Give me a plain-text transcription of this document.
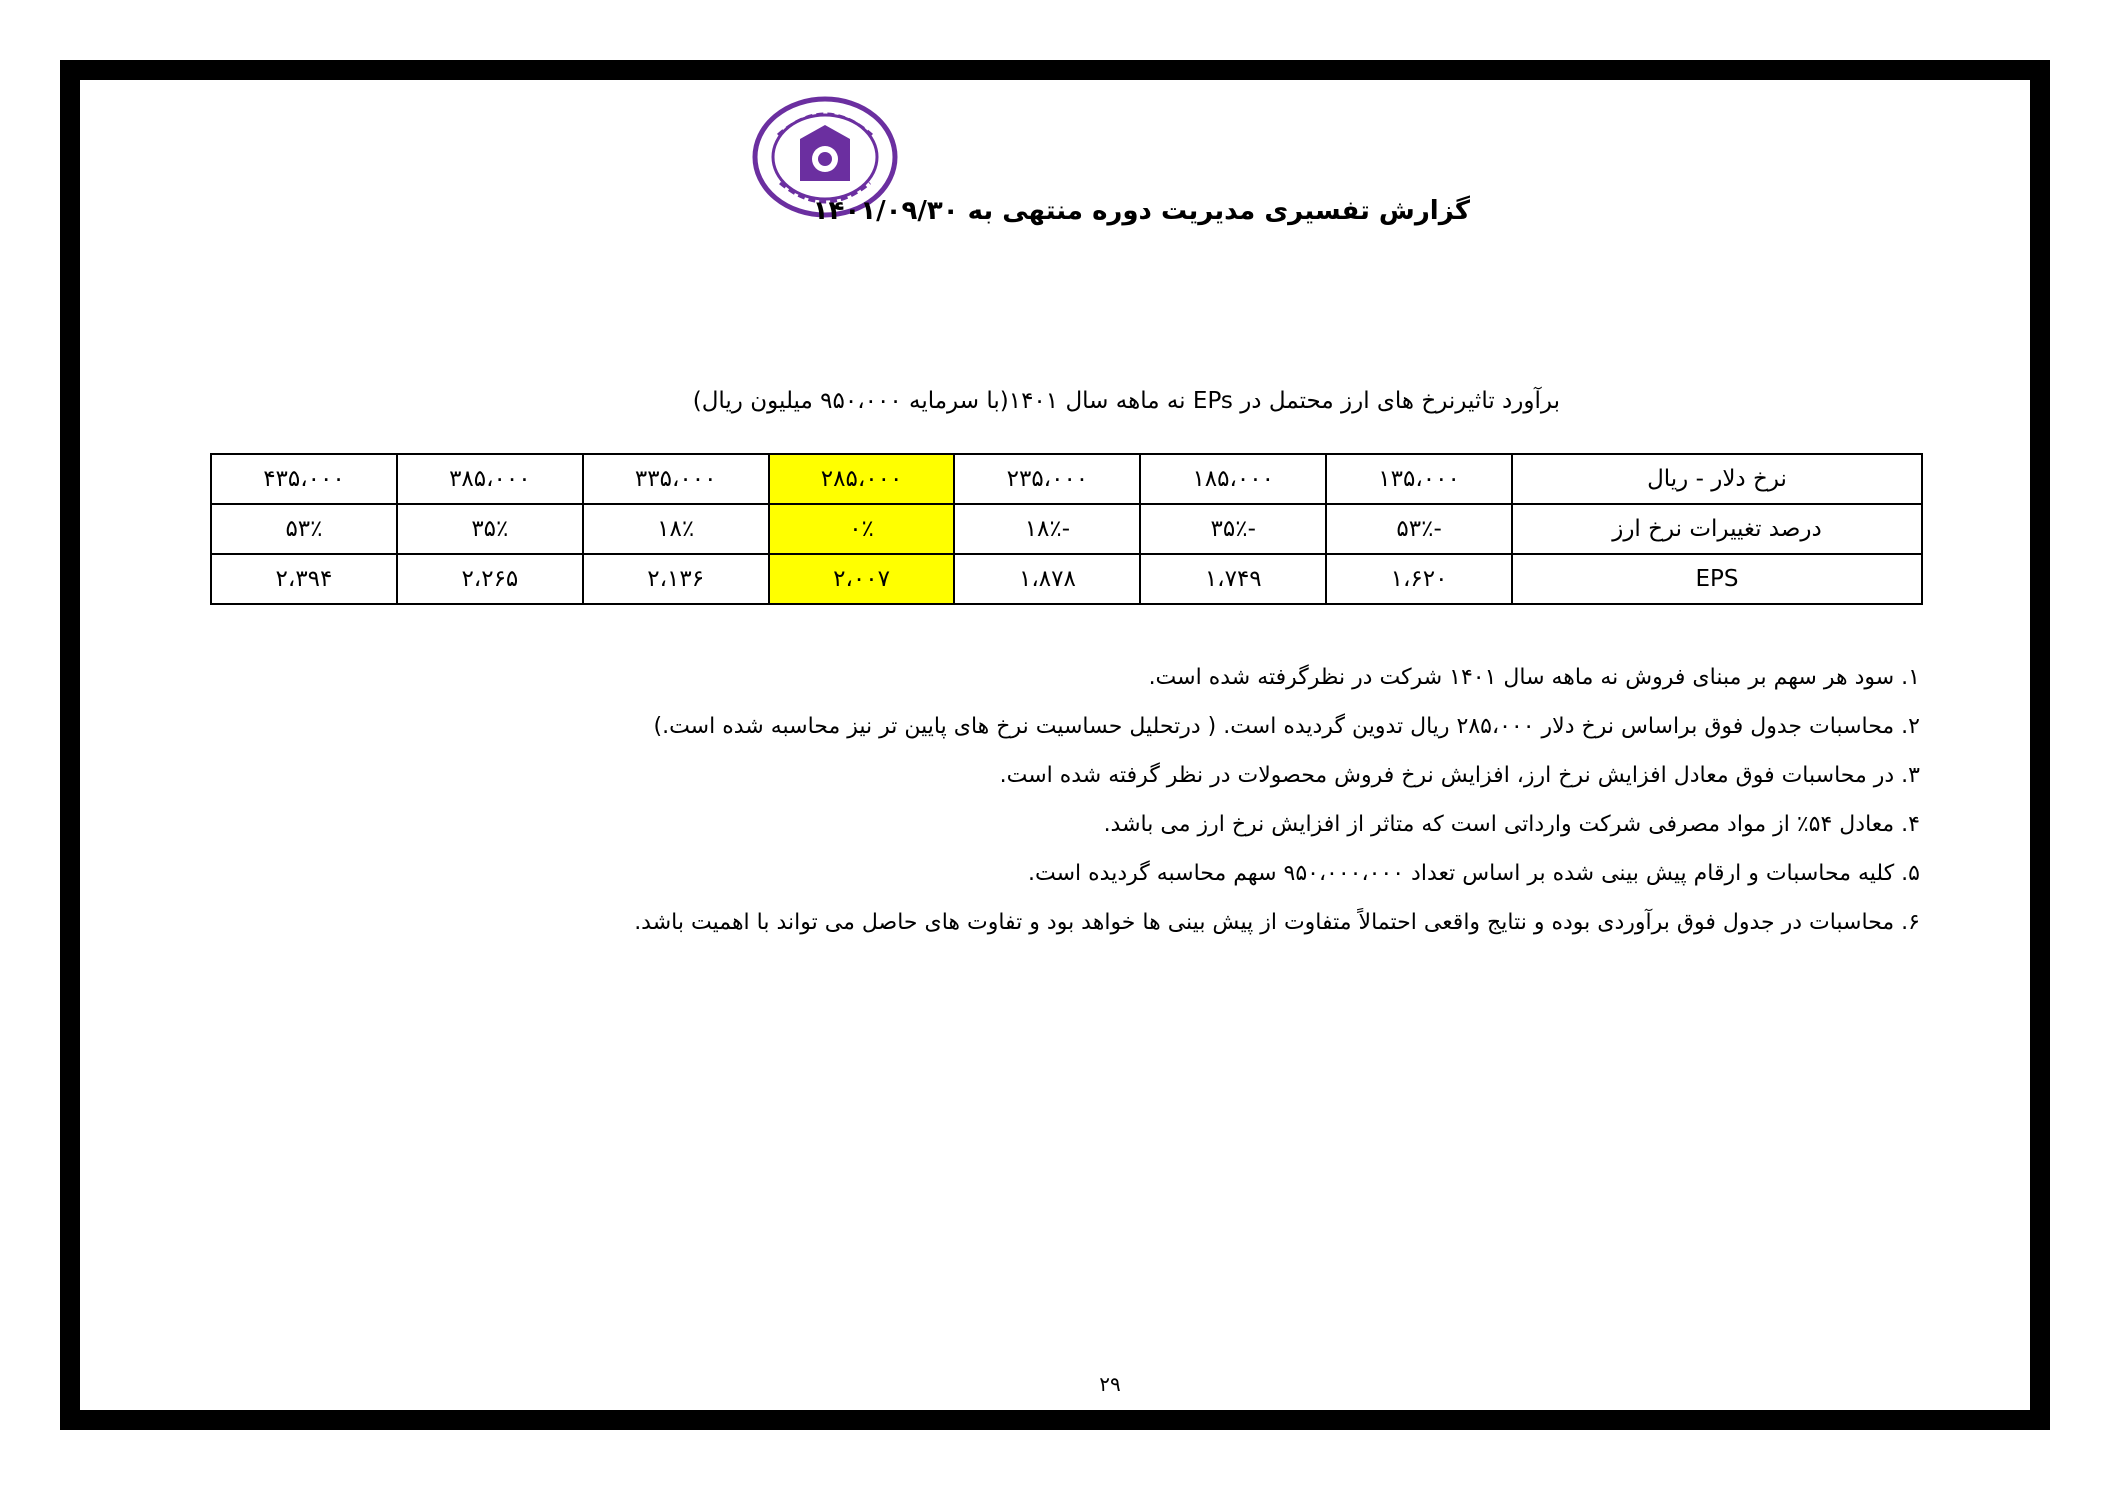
گزارش تفسیری مدیریت دوره منتهی به ۱۴۰۱/۰۹/۳۰
برآورد تاثیرنرخ های ارز محتمل در EPs نه ماهه سال ۱۴۰۱(با سرمایه ۹۵۰،۰۰۰ میلیون ریال)
نرخ دلار - ریال	۱۳۵،۰۰۰	۱۸۵،۰۰۰	۲۳۵،۰۰۰	۲۸۵،۰۰۰	۳۳۵،۰۰۰	۳۸۵،۰۰۰	۴۳۵،۰۰۰
درصد تغییرات نرخ ارز	-۵۳٪	-۳۵٪	-۱۸٪	۰٪	۱۸٪	۳۵٪	۵۳٪
EPS	۱،۶۲۰	۱،۷۴۹	۱،۸۷۸	۲،۰۰۷	۲،۱۳۶	۲،۲۶۵	۲،۳۹۴
۱. سود هر سهم بر مبنای فروش نه ماهه سال ۱۴۰۱ شرکت در نظرگرفته شده است.
۲. محاسبات جدول فوق براساس نرخ دلار ۲۸۵،۰۰۰ ریال تدوین گردیده است. ( درتحلیل حساسیت نرخ های پایین تر نیز محاسبه شده است.)
۳. در محاسبات فوق معادل افزایش نرخ ارز، افزایش نرخ فروش محصولات در نظر گرفته شده است.
۴. معادل ۵۴٪ از مواد مصرفی شرکت وارداتی است که متاثر از افزایش نرخ ارز می باشد.
۵. کلیه محاسبات و ارقام پیش بینی شده بر اساس تعداد ۹۵۰،۰۰۰،۰۰۰ سهم محاسبه گردیده است.
۶. محاسبات در جدول فوق برآوردی بوده و نتایج واقعی احتمالاً متفاوت از پیش بینی ها خواهد بود و تفاوت های حاصل می تواند با اهمیت باشد.
۲۹
